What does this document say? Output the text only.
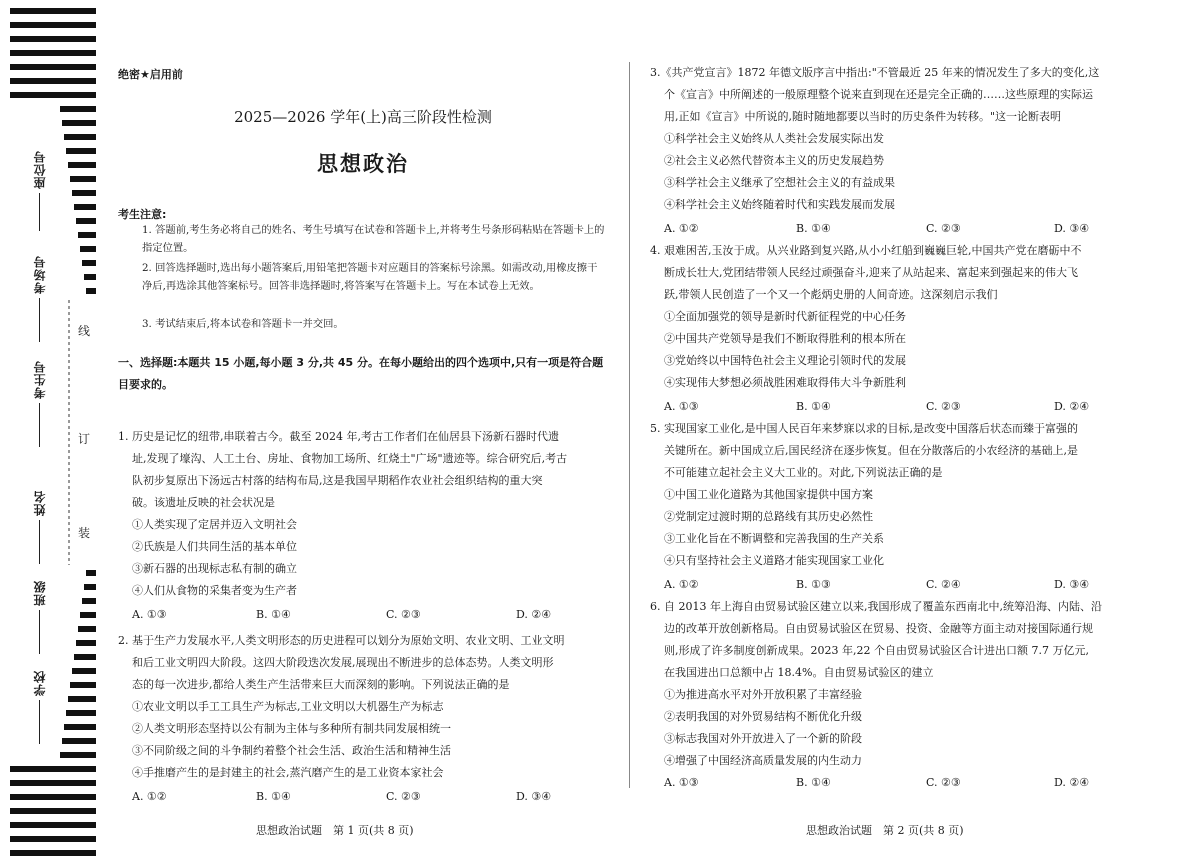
座位号
考场号
考生号
姓名
班级
学校
线
订
装
绝密★启用前
2025—2026 学年(上)高三阶段性检测
思想政治
考生注意:
1. 答题前,考生务必将自己的姓名、考生号填写在试卷和答题卡上,并将考生号条形码粘贴在答题卡上的指定位置。
2. 回答选择题时,选出每小题答案后,用铅笔把答题卡对应题目的答案标号涂黑。如需改动,用橡皮擦干净后,再选涂其他答案标号。回答非选择题时,将答案写在答题卡上。写在本试卷上无效。
3. 考试结束后,将本试卷和答题卡一并交回。
一、选择题:本题共 15 小题,每小题 3 分,共 45 分。在每小题给出的四个选项中,只有一项是符合题目要求的。
1. 历史是记忆的纽带,串联着古今。截至 2024 年,考古工作者们在仙居县下汤新石器时代遗
址,发现了壕沟、人工土台、房址、食物加工场所、红烧土"广场"遗迹等。综合研究后,考古
队初步复原出下汤远古村落的结构布局,这是我国早期稻作农业社会组织结构的重大突
破。该遗址反映的社会状况是
①人类实现了定居并迈入文明社会
②氏族是人们共同生活的基本单位
③新石器的出现标志私有制的确立
④人们从食物的采集者变为生产者
A. ①③	B. ①④	C. ②③	D. ②④
2. 基于生产力发展水平,人类文明形态的历史进程可以划分为原始文明、农业文明、工业文明
和后工业文明四大阶段。这四大阶段迭次发展,展现出不断进步的总体态势。人类文明形
态的每一次进步,都给人类生产生活带来巨大而深刻的影响。下列说法正确的是
①农业文明以手工工具生产为标志,工业文明以大机器生产为标志
②人类文明形态坚持以公有制为主体与多种所有制共同发展相统一
③不同阶级之间的斗争制约着整个社会生活、政治生活和精神生活
④手推磨产生的是封建主的社会,蒸汽磨产生的是工业资本家社会
A. ①②	B. ①④	C. ②③	D. ③④
思想政治试题　第 1 页(共 8 页)
3.《共产党宣言》1872 年德文版序言中指出:"不管最近 25 年来的情况发生了多大的变化,这
个《宣言》中所阐述的一般原理整个说来直到现在还是完全正确的……这些原理的实际运
用,正如《宣言》中所说的,随时随地都要以当时的历史条件为转移。"这一论断表明
①科学社会主义始终从人类社会发展实际出发
②社会主义必然代替资本主义的历史发展趋势
③科学社会主义继承了空想社会主义的有益成果
④科学社会主义始终随着时代和实践发展而发展
A. ①②	B. ①④	C. ②③	D. ③④
4. 艰难困苦,玉汝于成。从兴业路到复兴路,从小小红船到巍巍巨轮,中国共产党在磨砺中不
断成长壮大,党团结带领人民经过顽强奋斗,迎来了从站起来、富起来到强起来的伟大飞
跃,带领人民创造了一个又一个彪炳史册的人间奇迹。这深刻启示我们
①全面加强党的领导是新时代新征程党的中心任务
②中国共产党领导是我们不断取得胜利的根本所在
③党始终以中国特色社会主义理论引领时代的发展
④实现伟大梦想必须战胜困难取得伟大斗争新胜利
A. ①③	B. ①④	C. ②③	D. ②④
5. 实现国家工业化,是中国人民百年来梦寐以求的目标,是改变中国落后状态而臻于富强的
关键所在。新中国成立后,国民经济在逐步恢复。但在分散落后的小农经济的基础上,是
不可能建立起社会主义大工业的。对此,下列说法正确的是
①中国工业化道路为其他国家提供中国方案
②党制定过渡时期的总路线有其历史必然性
③工业化旨在不断调整和完善我国的生产关系
④只有坚持社会主义道路才能实现国家工业化
A. ①②	B. ①③	C. ②④	D. ③④
6. 自 2013 年上海自由贸易试验区建立以来,我国形成了覆盖东西南北中,统筹沿海、内陆、沿
边的改革开放创新格局。自由贸易试验区在贸易、投资、金融等方面主动对接国际通行规
则,形成了许多制度创新成果。2023 年,22 个自由贸易试验区合计进出口额 7.7 万亿元,
在我国进出口总额中占 18.4%。自由贸易试验区的建立
①为推进高水平对外开放积累了丰富经验
②表明我国的对外贸易结构不断优化升级
③标志我国对外开放进入了一个新的阶段
④增强了中国经济高质量发展的内生动力
A. ①③	B. ①④	C. ②③	D. ②④
思想政治试题　第 2 页(共 8 页)
